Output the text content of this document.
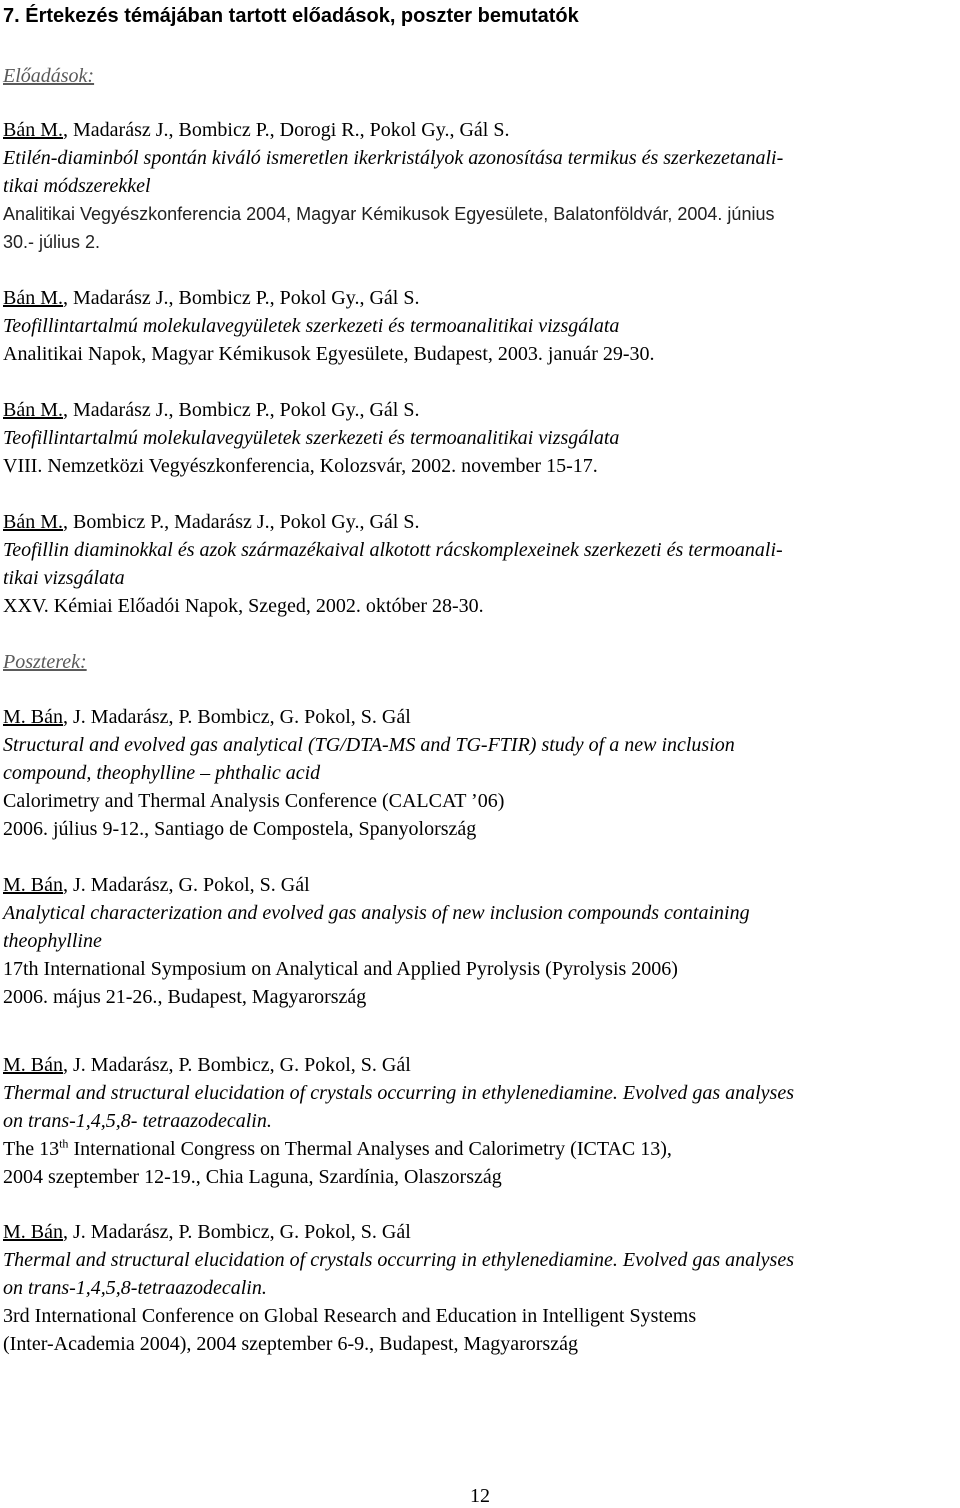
7. Értekezés témájában tartott előadások, poszter bemutatók

Előadások:

Bán M., Madarász J., Bombicz P., Dorogi R., Pokol Gy., Gál S.
Etilén-diaminból spontán kiváló ismeretlen ikerkristályok azonosítása termikus és szerkezetanali-
tikai módszerekkel
Analitikai Vegyészkonferencia 2004, Magyar Kémikusok Egyesülete, Balatonföldvár, 2004. június
30.- július 2.
Bán M., Madarász J., Bombicz P., Pokol Gy., Gál S.
Teofillintartalmú molekulavegyületek szerkezeti és termoanalitikai vizsgálata
Analitikai Napok, Magyar Kémikusok Egyesülete, Budapest, 2003. január 29-30.
Bán M., Madarász J., Bombicz P., Pokol Gy., Gál S.
Teofillintartalmú molekulavegyületek szerkezeti és termoanalitikai vizsgálata
VIII. Nemzetközi Vegyészkonferencia, Kolozsvár, 2002. november 15-17.
Bán M., Bombicz P., Madarász J., Pokol Gy., Gál S.
Teofillin diaminokkal és azok származékaival alkotott rácskomplexeinek szerkezeti és termoanali-
tikai vizsgálata
XXV. Kémiai Előadói Napok, Szeged, 2002. október 28-30.

Poszterek:

M. Bán, J. Madarász, P. Bombicz, G. Pokol, S. Gál
Structural and evolved gas analytical (TG/DTA-MS and TG-FTIR) study of a new inclusion
compound, theophylline – phthalic acid
Calorimetry and Thermal Analysis Conference (CALCAT ’06)
2006. július 9-12., Santiago de Compostela, Spanyolország
M. Bán, J. Madarász, G. Pokol, S. Gál
Analytical characterization and evolved gas analysis of new inclusion compounds containing
theophylline
17th International Symposium on Analytical and Applied Pyrolysis (Pyrolysis 2006)
2006. május 21-26., Budapest, Magyarország
M. Bán, J. Madarász, P. Bombicz, G. Pokol, S. Gál
Thermal and structural elucidation of crystals occurring in ethylenediamine. Evolved gas analyses
on trans-1,4,5,8- tetraazodecalin.
The 13th International Congress on Thermal Analyses and Calorimetry (ICTAC 13),
2004 szeptember 12-19., Chia Laguna, Szardínia, Olaszország
M. Bán, J. Madarász, P. Bombicz, G. Pokol, S. Gál
Thermal and structural elucidation of crystals occurring in ethylenediamine. Evolved gas analyses
on trans-1,4,5,8-tetraazodecalin.
3rd International Conference on Global Research and Education in Intelligent Systems
(Inter-Academia 2004), 2004 szeptember 6-9., Budapest, Magyarország

12
